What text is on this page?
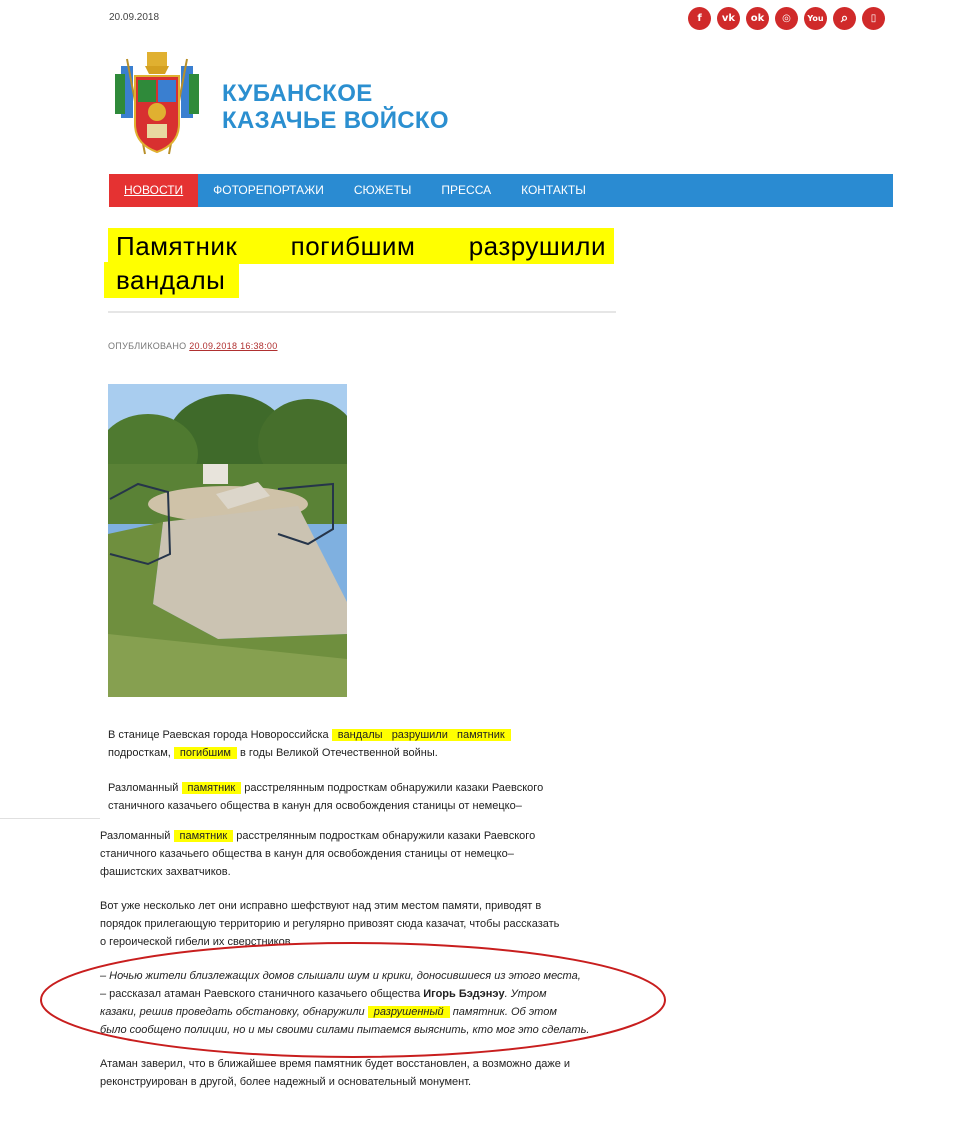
20.09.2018	f	vk	ok	◎	You	⌕	▯
КУБАНСКОЕ
КАЗАЧЬЕ ВОЙСКО
НОВОСТИ	ФОТОРЕПОРТАЖИ	СЮЖЕТЫ	ПРЕССА	КОНТАКТЫ
Памятник погибшим разрушили
вандалы
ОПУБЛИКОВАНО 20.09.2018 16:38:00
В станице Раевская города Новороссийска вандалы   разрушили   памятник
подросткам, погибшим в годы Великой Отечественной войны.
Разломанный памятник расстрелянным подросткам обнаружили казаки Раевского
станичного казачьего общества в канун для освобождения станицы от немецко–
Разломанный памятник расстрелянным подросткам обнаружили казаки Раевского
станичного казачьего общества в канун для освобождения станицы от немецко–
фашистских захватчиков.
Вот уже несколько лет они исправно шефствуют над этим местом памяти, приводят в
порядок прилегающую территорию и регулярно привозят сюда казачат, чтобы рассказать
о героической гибели их сверстников.
– Ночью жители близлежащих домов слышали шум и крики, доносившиеся из этого места,
– рассказал атаман Раевского станичного казачьего общества Игорь Бэдэнэу. Утром
казаки, решив проведать обстановку, обнаружили разрушенный памятник. Об этом
было сообщено полиции, но и мы своими силами пытаемся выяснить, кто мог это сделать.
Атаман заверил, что в ближайшее время памятник будет восстановлен, а возможно даже и
реконструирован в другой, более надежный и основательный монумент.
